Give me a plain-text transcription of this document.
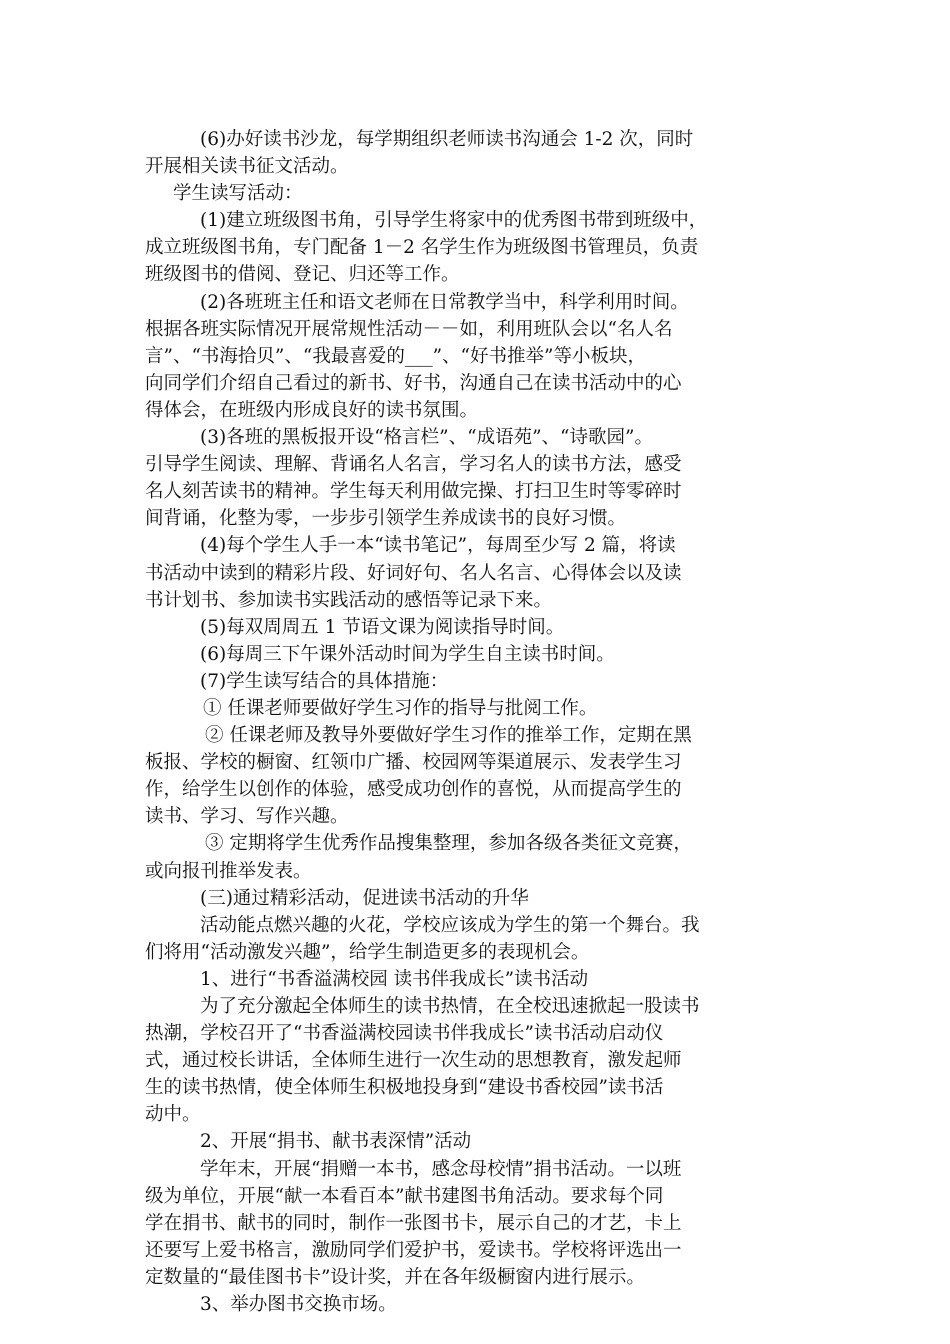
(6)办好读书沙龙，每学期组织老师读书沟通会 1-2 次，同时
开展相关读书征文活动。
学生读写活动：
(1)建立班级图书角，引导学生将家中的优秀图书带到班级中，
成立班级图书角，专门配备 1－2 名学生作为班级图书管理员，负责
班级图书的借阅、登记、归还等工作。
(2)各班班主任和语文老师在日常教学当中，科学利用时间。
根据各班实际情况开展常规性活动－－如，利用班队会以“名人名
言”、“书海拾贝”、“我最喜爱的___”、“好书推举”等小板块，
向同学们介绍自己看过的新书、好书，沟通自己在读书活动中的心
得体会，在班级内形成良好的读书氛围。
(3)各班的黑板报开设“格言栏”、“成语苑”、“诗歌园”。
引导学生阅读、理解、背诵名人名言，学习名人的读书方法，感受
名人刻苦读书的精神。学生每天利用做完操、打扫卫生时等零碎时
间背诵，化整为零，一步步引领学生养成读书的良好习惯。
(4)每个学生人手一本“读书笔记”，每周至少写 2 篇，将读
书活动中读到的精彩片段、好词好句、名人名言、心得体会以及读
书计划书、参加读书实践活动的感悟等记录下来。
(5)每双周周五 1 节语文课为阅读指导时间。
(6)每周三下午课外活动时间为学生自主读书时间。
(7)学生读写结合的具体措施：
① 任课老师要做好学生习作的指导与批阅工作。
② 任课老师及教导外要做好学生习作的推举工作，定期在黑
板报、学校的橱窗、红领巾广播、校园网等渠道展示、发表学生习
作，给学生以创作的体验，感受成功创作的喜悦，从而提高学生的
读书、学习、写作兴趣。
③ 定期将学生优秀作品搜集整理，参加各级各类征文竞赛，
或向报刊推举发表。
(三)通过精彩活动，促进读书活动的升华
活动能点燃兴趣的火花，学校应该成为学生的第一个舞台。我
们将用“活动激发兴趣”，给学生制造更多的表现机会。
1、进行“书香溢满校园 读书伴我成长”读书活动
为了充分激起全体师生的读书热情，在全校迅速掀起一股读书
热潮，学校召开了“书香溢满校园读书伴我成长”读书活动启动仪
式，通过校长讲话，全体师生进行一次生动的思想教育，激发起师
生的读书热情，使全体师生积极地投身到“建设书香校园”读书活
动中。
2、开展“捐书、献书表深情”活动
学年末，开展“捐赠一本书，感念母校情”捐书活动。一以班
级为单位，开展“献一本看百本”献书建图书角活动。要求每个同
学在捐书、献书的同时，制作一张图书卡，展示自己的才艺，卡上
还要写上爱书格言，激励同学们爱护书，爱读书。学校将评选出一
定数量的“最佳图书卡”设计奖，并在各年级橱窗内进行展示。
3、举办图书交换市场。
